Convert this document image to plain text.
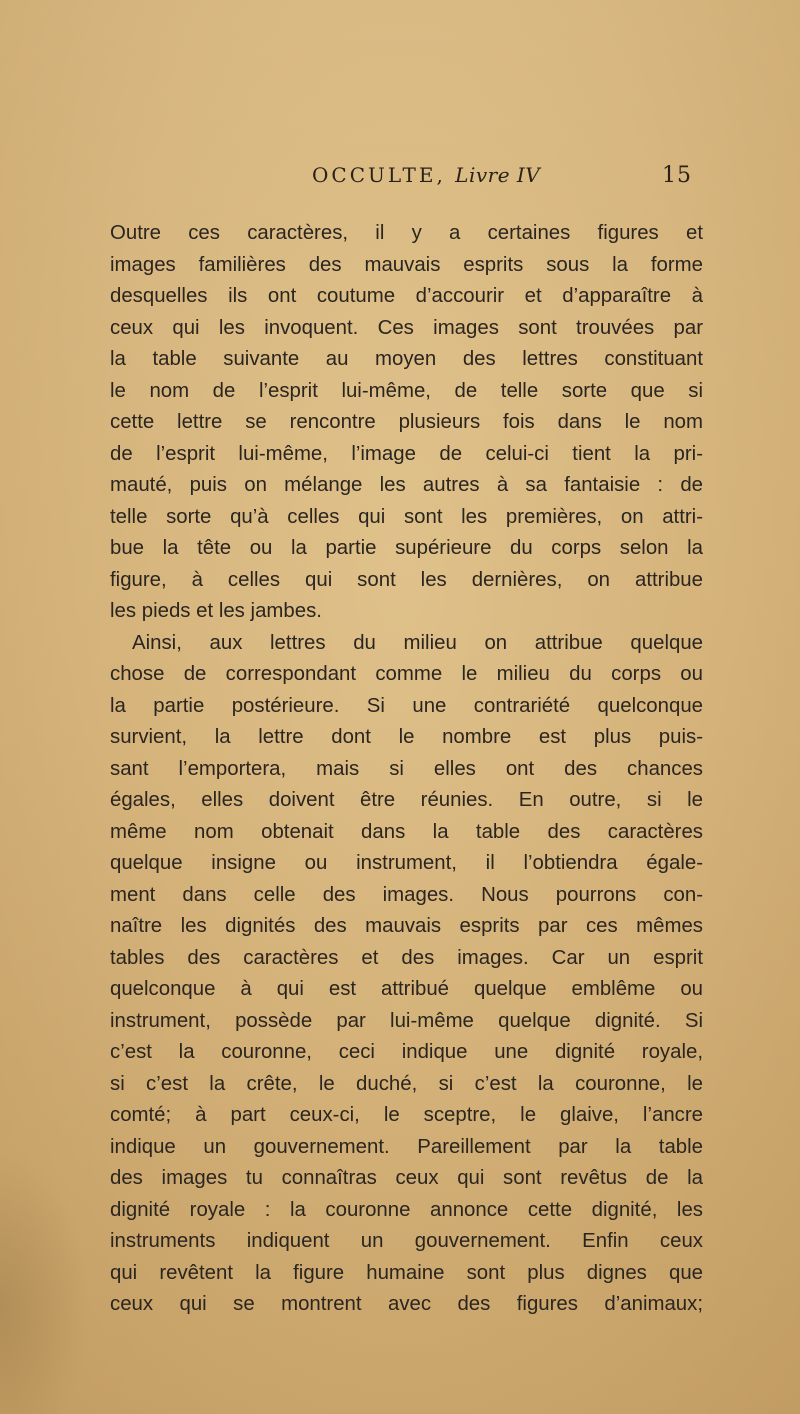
OCCULTE, Livre IV	15
Outre ces caractères, il y a certaines figures et
images familières des mauvais esprits sous la forme
desquelles ils ont coutume d’accourir et d’apparaître à
ceux qui les invoquent. Ces images sont trouvées par
la table suivante au moyen des lettres constituant
le nom de l’esprit lui-même, de telle sorte que si
cette lettre se rencontre plusieurs fois dans le nom
de l’esprit lui-même, l’image de celui-ci tient la pri-
mauté, puis on mélange les autres à sa fantaisie : de
telle sorte qu’à celles qui sont les premières, on attri-
bue la tête ou la partie supérieure du corps selon la
figure, à celles qui sont les dernières, on attribue
les pieds et les jambes.
Ainsi, aux lettres du milieu on attribue quelque
chose de correspondant comme le milieu du corps ou
la partie postérieure. Si une contrariété quelconque
survient, la lettre dont le nombre est plus puis-
sant l’emportera, mais si elles ont des chances
égales, elles doivent être réunies. En outre, si le
même nom obtenait dans la table des caractères
quelque insigne ou instrument, il l’obtiendra égale-
ment dans celle des images. Nous pourrons con-
naître les dignités des mauvais esprits par ces mêmes
tables des caractères et des images. Car un esprit
quelconque à qui est attribué quelque emblême ou
instrument, possède par lui-même quelque dignité. Si
c’est la couronne, ceci indique une dignité royale,
si c’est la crête, le duché, si c’est la couronne, le
comté; à part ceux-ci, le sceptre, le glaive, l’ancre
indique un gouvernement. Pareillement par la table
des images tu connaîtras ceux qui sont revêtus de la
dignité royale : la couronne annonce cette dignité, les
instruments indiquent un gouvernement. Enfin ceux
qui revêtent la figure humaine sont plus dignes que
ceux qui se montrent avec des figures d’animaux;
